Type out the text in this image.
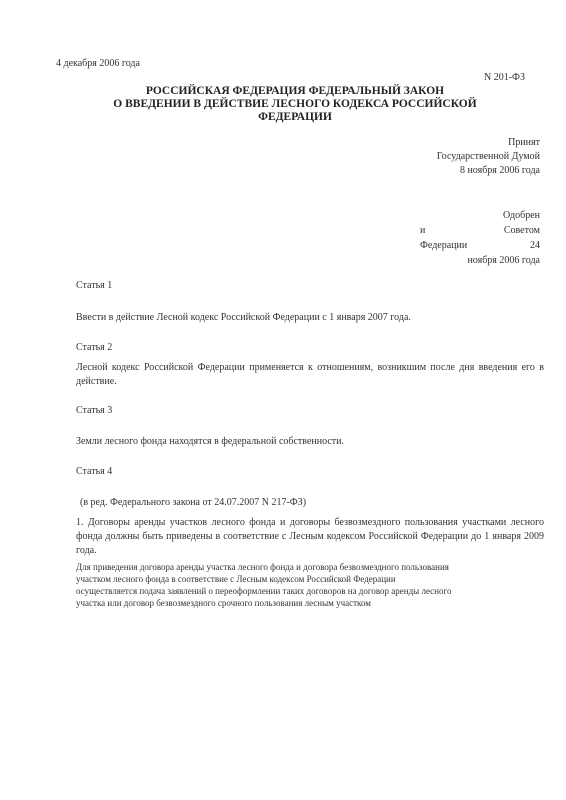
4 декабря 2006 года
N 201-ФЗ
РОССИЙСКАЯ ФЕДЕРАЦИЯ ФЕДЕРАЛЬНЫЙ ЗАКОН
О ВВЕДЕНИИ В ДЕЙСТВИЕ ЛЕСНОГО КОДЕКСА РОССИЙСКОЙ
ФЕДЕРАЦИИ
Принят
Государственной Думой
8 ноября 2006 года
Одобрен
и	Советом
Федерации	24
ноября 2006 года
Статья 1
Ввести в действие Лесной кодекс Российской Федерации с 1 января 2007 года.
Статья 2
Лесной кодекс Российской Федерации применяется к отношениям, возникшим после дня введения его в действие.
Статья 3
Земли лесного фонда находятся в федеральной собственности.
Статья 4
(в ред. Федерального закона от 24.07.2007 N 217-ФЗ)
1. Договоры аренды участков лесного фонда и договоры безвозмездного пользования участками лесного фонда должны быть приведены в соответствие с Лесным кодексом Российской Федерации до 1 января 2009 года.
Для приведения договора аренды участка лесного фонда и договора безвозмездного пользования
участком лесного фонда в соответствие с Лесным кодексом Российской Федерации
осуществляется подача заявлений о переоформлении таких договоров на договор аренды лесного
участка или договор безвозмездного срочного пользования лесным участком
